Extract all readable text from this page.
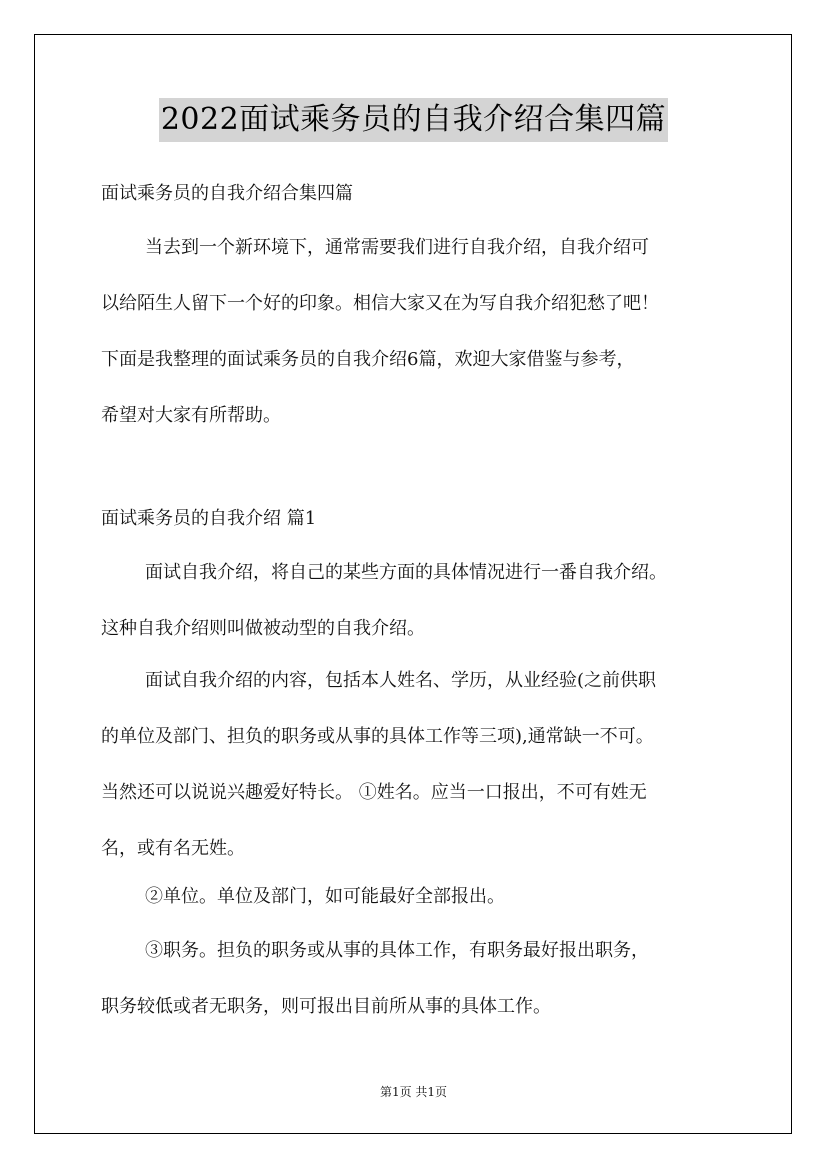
2022面试乘务员的自我介绍合集四篇
面试乘务员的自我介绍合集四篇
当去到一个新环境下，通常需要我们进行自我介绍，自我介绍可
以给陌生人留下一个好的印象。相信大家又在为写自我介绍犯愁了吧！
下面是我整理的面试乘务员的自我介绍6篇，欢迎大家借鉴与参考，
希望对大家有所帮助。
面试乘务员的自我介绍 篇1
面试自我介绍，将自己的某些方面的具体情况进行一番自我介绍。
这种自我介绍则叫做被动型的自我介绍。
面试自我介绍的内容，包括本人姓名、学历，从业经验(之前供职
的单位及部门、担负的职务或从事的具体工作等三项),通常缺一不可。
当然还可以说说兴趣爱好特长。 ①姓名。应当一口报出，不可有姓无
名，或有名无姓。
②单位。单位及部门，如可能最好全部报出。
③职务。担负的职务或从事的具体工作，有职务最好报出职务，
职务较低或者无职务，则可报出目前所从事的具体工作。
第1页 共1页
